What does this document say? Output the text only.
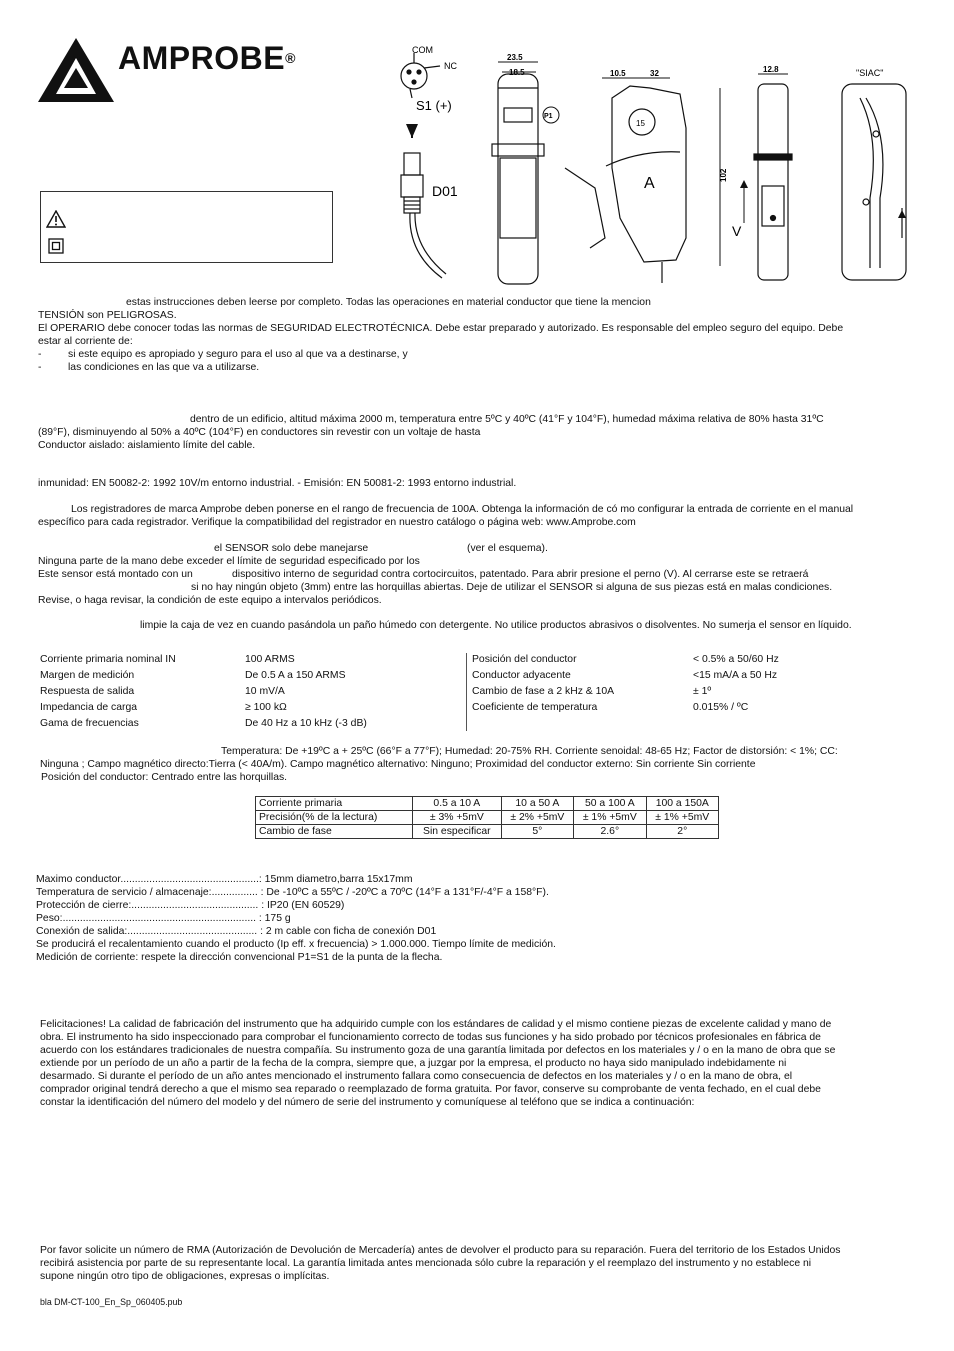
AMPROBE®	COM
NC
S1 (+)
D01
23.5
18.5
P1
10.5	32
15
A	102
12.8
V
"SIAC"
estas instrucciones deben leerse por completo. Todas las operaciones en material conductor que tiene la mencion
TENSIÓN son PELIGROSAS.
El OPERARIO debe conocer todas las normas de SEGURIDAD ELECTROTÉCNICA. Debe estar preparado y autorizado. Es responsable del empleo seguro del equipo. Debe
estar al corriente de:
-	si este equipo es apropiado y seguro para el uso al que va a destinarse, y
-	las condiciones en las que va a utilizarse.
dentro de un edificio, altitud máxima 2000 m, temperatura entre 5ºC y 40ºC (41°F y 104°F), humedad máxima relativa de 80% hasta 31ºC
(89°F), disminuyendo al 50% a 40ºC (104°F) en conductores sin revestir con un voltaje de hasta
Conductor aislado: aislamiento límite del cable.
inmunidad: EN 50082-2: 1992 10V/m entorno industrial. - Emisión: EN 50081-2: 1993 entorno industrial.
Los registradores de marca Amprobe deben ponerse en el rango de frecuencia de 100A. Obtenga la información de có mo configurar la entrada de corriente en el manual
específico para cada registrador. Verifique la compatibilidad del registrador en nuestro catálogo o página web: www.Amprobe.com
el SENSOR solo debe manejarse	(ver el esquema).
Ninguna parte de la mano debe exceder el límite de seguridad especificado por los
Este sensor está montado con un	dispositivo interno de seguridad contra cortocircuitos, patentado. Para abrir presione el perno (V). Al cerrarse este se retraerá
si no hay ningún objeto (3mm) entre las horquillas abiertas. Deje de utilizar el SENSOR si alguna de sus piezas está en malas condiciones.
Revise, o haga revisar, la condición de este equipo a intervalos periódicos.
limpie la caja de vez en cuando pasándola un paño húmedo con detergente. No utilice productos abrasivos o disolventes. No sumerja el sensor en líquido.
Corriente primaria nominal IN	100 ARMS
Margen de medición	De 0.5 A a 150 ARMS
Respuesta de salida	10 mV/A
Impedancia de carga	≥ 100 kΩ
Gama de frecuencias	De 40 Hz a 10 kHz (-3 dB)
Posición del conductor	< 0.5% a 50/60 Hz
Conductor adyacente	<15 mA/A a 50 Hz
Cambio de fase a 2 kHz & 10A	± 1º
Coeficiente de temperatura	0.015% / ºC
Temperatura: De +19ºC a + 25ºC (66°F a 77°F); Humedad: 20-75% RH. Corriente senoidal: 48-65 Hz; Factor de distorsión: < 1%; CC:
Ninguna ; Campo magnético directo:Tierra (< 40A/m). Campo magnético alternativo: Ninguno; Proximidad del conductor externo: Sin corriente Sin corriente
Posición del conductor: Centrado entre las horquillas.
Corriente primaria	0.5 a 10 A	10 a 50 A	50 a 100 A	100 a 150A
Precisión(% de la lectura)	± 3% +5mV	± 2% +5mV	± 1% +5mV	± 1% +5mV
Cambio de fase	Sin especificar	5°	2.6°	2°
Maximo conductor................................................: 15mm diametro,barra 15x17mm
Temperatura de servicio / almacenaje:................ : De -10ºC a 55ºC / -20ºC a 70ºC (14°F a 131°F/-4°F a 158°F).
Protección de cierre:............................................ : IP20 (EN 60529)
Peso:................................................................... : 175 g
Conexión de salida:............................................. : 2 m cable con ficha de conexión D01
Se producirá el recalentamiento cuando el producto (Ip eff. x frecuencia) > 1.000.000. Tiempo límite de medición.
Medición de corriente: respete la dirección convencional P1=S1 de la punta de la flecha.
Felicitaciones! La calidad de fabricación del instrumento que ha adquirido cumple con los estándares de calidad y el mismo contiene piezas de excelente calidad y mano de
obra. El instrumento ha sido inspeccionado para comprobar el funcionamiento correcto de todas sus funciones y ha sido probado por técnicos profesionales en fábrica de
acuerdo con los estándares tradicionales de nuestra compañía. Su instrumento goza de una garantía limitada por defectos en los materiales y / o en la mano de obra que se
extiende por un período de un año a partir de la fecha de la compra, siempre que, a juzgar por la empresa, el producto no haya sido manipulado indebidamente ni
desarmado. Si durante el período de un año antes mencionado el instrumento fallara como consecuencia de defectos en los materiales y / o en la mano de obra, el
comprador original tendrá derecho a que el mismo sea reparado o reemplazado de forma gratuita. Por favor, conserve su comprobante de venta fechado, en el cual debe
constar la identificación del número del modelo y del número de serie del instrumento y comuníquese al teléfono que se indica a continuación:
Por favor solicite un número de RMA (Autorización de Devolución de Mercadería) antes de devolver el producto para su reparación. Fuera del territorio de los Estados Unidos
recibirá asistencia por parte de su representante local. La garantía limitada antes mencionada sólo cubre la reparación y el reemplazo del instrumento y no establece ni
supone ningún otro tipo de obligaciones, expresas o implícitas.
bla DM-CT-100_En_Sp_060405.pub
